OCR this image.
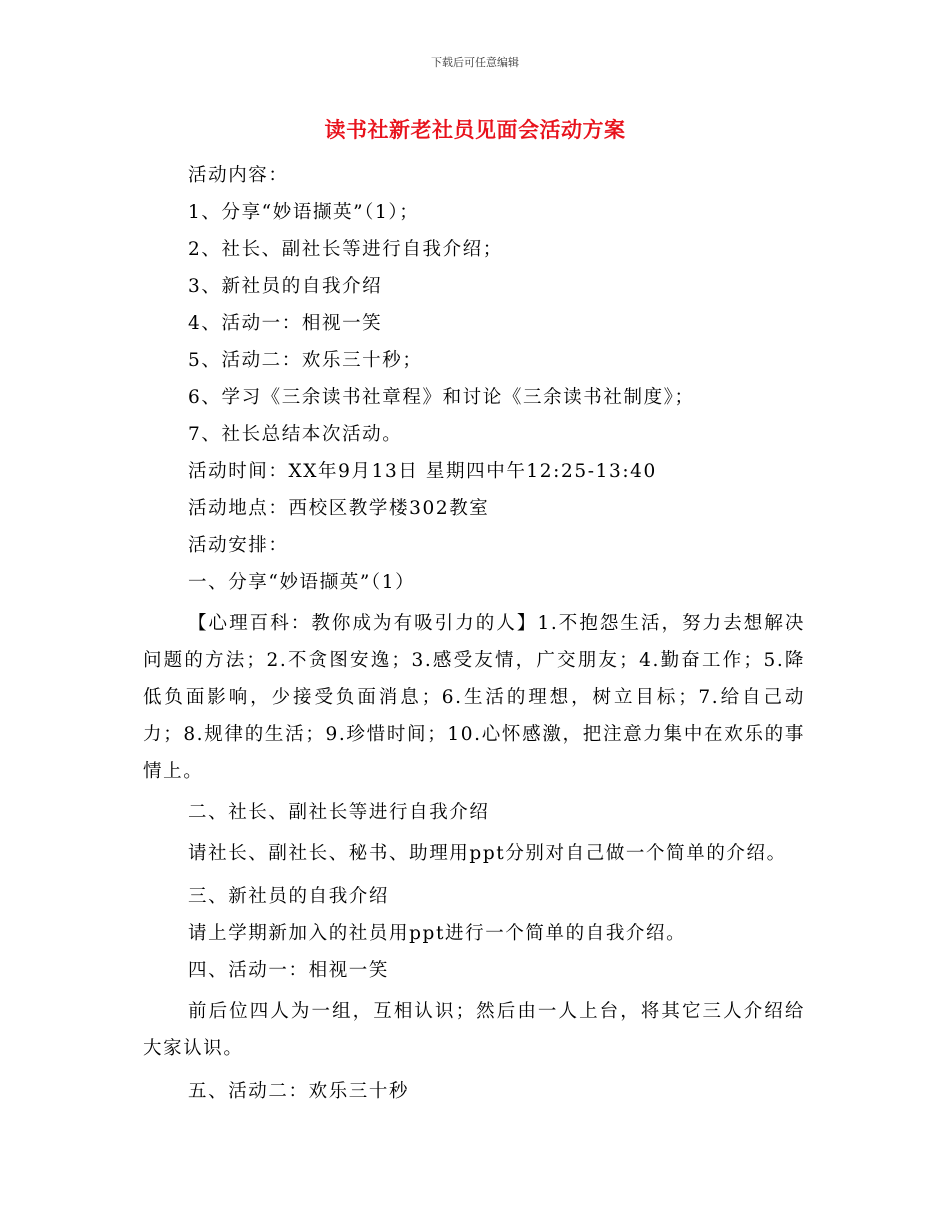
下载后可任意编辑
读书社新老社员见面会活动方案
活动内容：
1、分享“妙语撷英”（1）；
2、社长、副社长等进行自我介绍；
3、新社员的自我介绍
4、活动一：相视一笑
5、活动二：欢乐三十秒；
6、学习《三余读书社章程》和讨论《三余读书社制度》；
7、社长总结本次活动。
活动时间：XX年9月13日 星期四中午12:25-13:40
活动地点：西校区教学楼302教室
活动安排：
一、分享“妙语撷英”（1）
【心理百科：教你成为有吸引力的人】1.不抱怨生活，努力去想解决问题的方法；2.不贪图安逸；3.感受友情，广交朋友；4.勤奋工作；5.降低负面影响，少接受负面消息；6.生活的理想，树立目标；7.给自己动力；8.规律的生活；9.珍惜时间；10.心怀感激，把注意力集中在欢乐的事情上。
二、社长、副社长等进行自我介绍
请社长、副社长、秘书、助理用ppt分别对自己做一个简单的介绍。
三、新社员的自我介绍
请上学期新加入的社员用ppt进行一个简单的自我介绍。
四、活动一：相视一笑
前后位四人为一组，互相认识；然后由一人上台，将其它三人介绍给大家认识。
五、活动二：欢乐三十秒
